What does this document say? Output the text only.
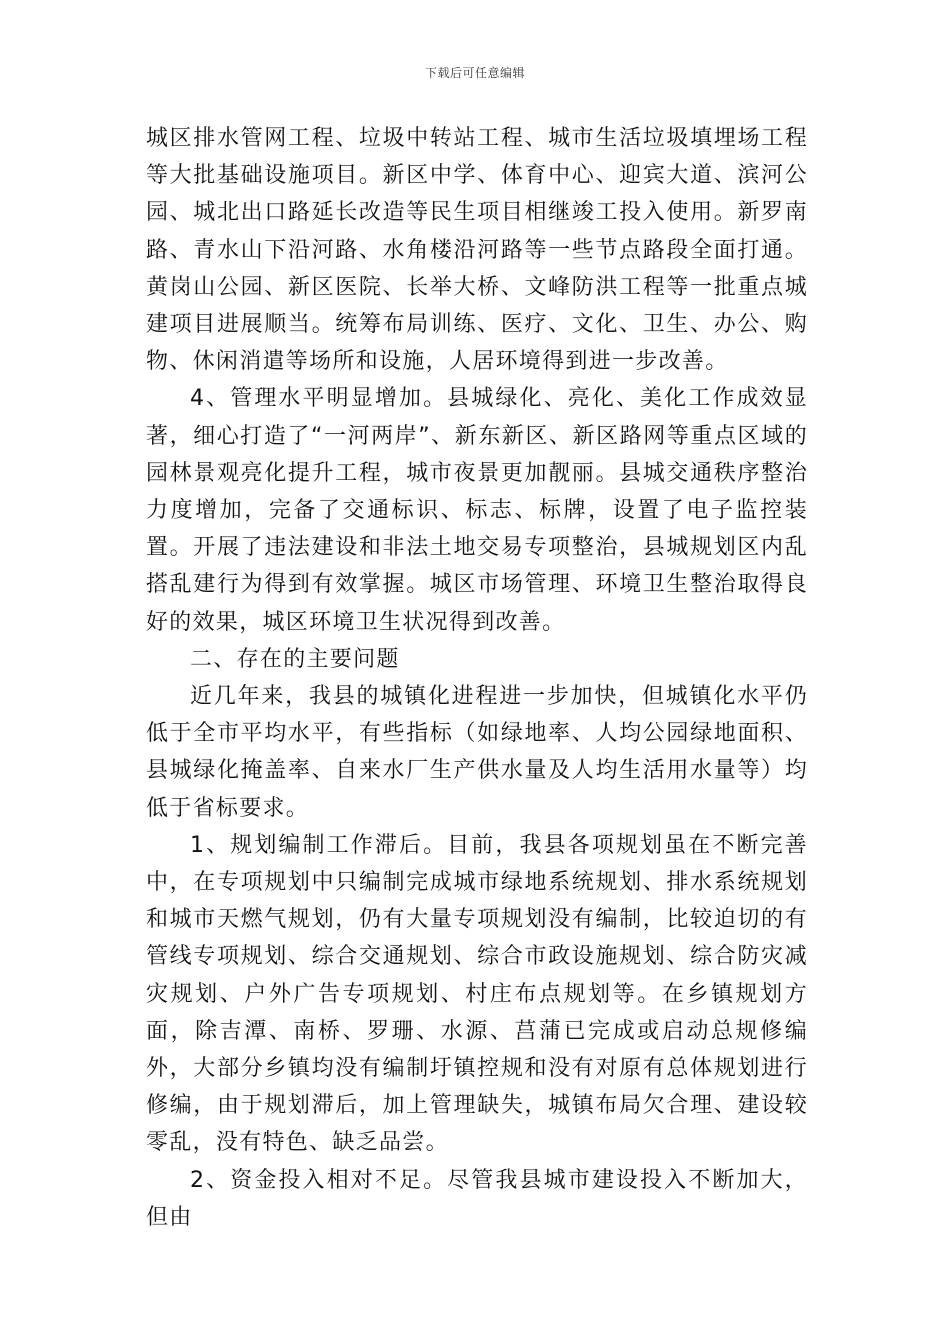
下载后可任意编辑

城区排水管网工程、垃圾中转站工程、城市生活垃圾填埋场工程等大批基础设施项目。新区中学、体育中心、迎宾大道、滨河公园、城北出口路延长改造等民生项目相继竣工投入使用。新罗南路、青水山下沿河路、水角楼沿河路等一些节点路段全面打通。黄岗山公园、新区医院、长举大桥、文峰防洪工程等一批重点城建项目进展顺当。统筹布局训练、医疗、文化、卫生、办公、购物、休闲消遣等场所和设施，人居环境得到进一步改善。

4、管理水平明显增加。县城绿化、亮化、美化工作成效显著，细心打造了“一河两岸”、新东新区、新区路网等重点区域的园林景观亮化提升工程，城市夜景更加靓丽。县城交通秩序整治力度增加，完备了交通标识、标志、标牌，设置了电子监控装置。开展了违法建设和非法土地交易专项整治，县城规划区内乱搭乱建行为得到有效掌握。城区市场管理、环境卫生整治取得良好的效果，城区环境卫生状况得到改善。

二、存在的主要问题

近几年来，我县的城镇化进程进一步加快，但城镇化水平仍低于全市平均水平，有些指标（如绿地率、人均公园绿地面积、县城绿化掩盖率、自来水厂生产供水量及人均生活用水量等）均低于省标要求。

1、规划编制工作滞后。目前，我县各项规划虽在不断完善中，在专项规划中只编制完成城市绿地系统规划、排水系统规划和城市天燃气规划，仍有大量专项规划没有编制，比较迫切的有管线专项规划、综合交通规划、综合市政设施规划、综合防灾减灾规划、户外广告专项规划、村庄布点规划等。在乡镇规划方面，除吉潭、南桥、罗珊、水源、莒蒲已完成或启动总规修编外，大部分乡镇均没有编制圩镇控规和没有对原有总体规划进行修编，由于规划滞后，加上管理缺失，城镇布局欠合理、建设较零乱，没有特色、缺乏品尝。

2、资金投入相对不足。尽管我县城市建设投入不断加大，但由
